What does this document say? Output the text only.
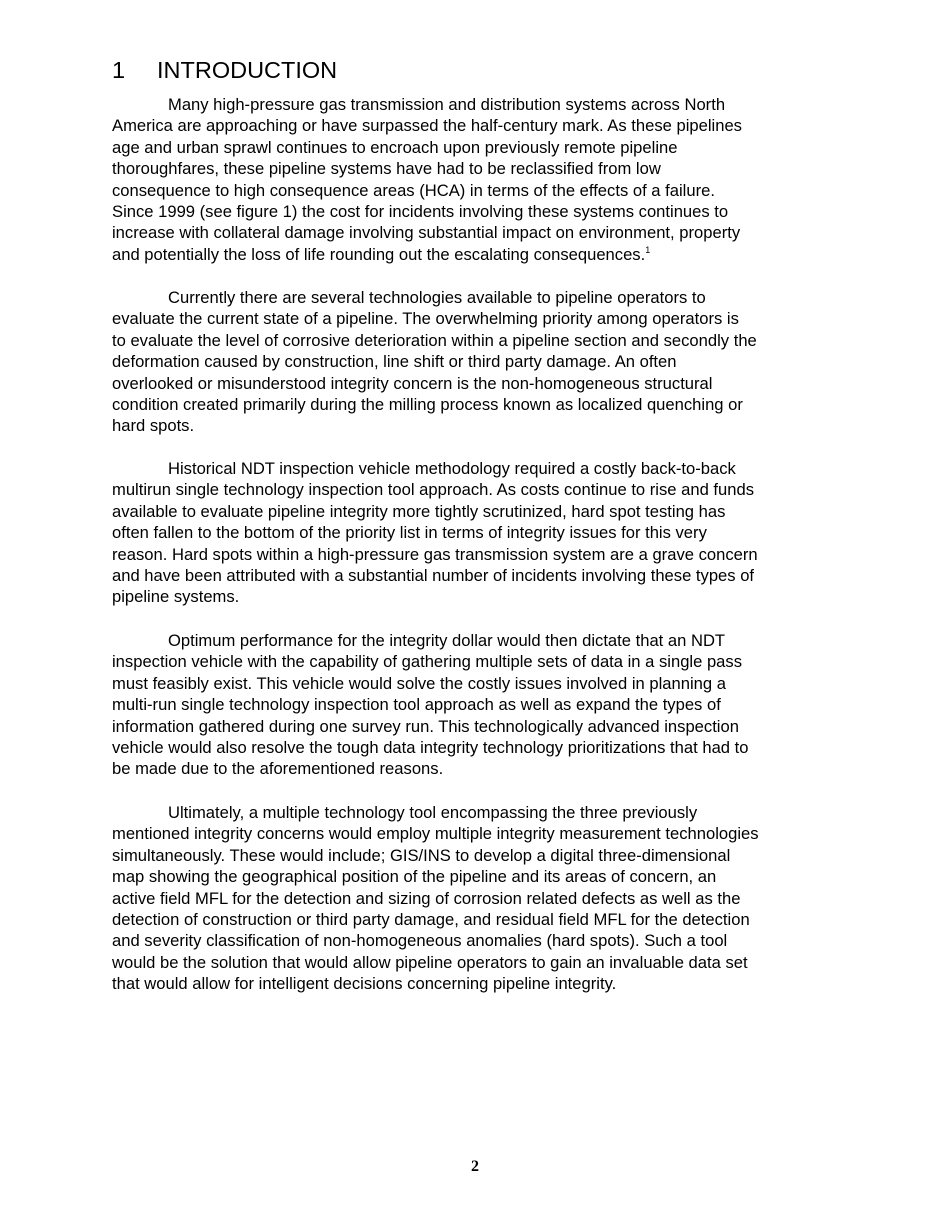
1 INTRODUCTION
Many high-pressure gas transmission and distribution systems across North
America are approaching or have surpassed the half-century mark. As these pipelines
age and urban sprawl continues to encroach upon previously remote pipeline
thoroughfares, these pipeline systems have had to be reclassified from low
consequence to high consequence areas (HCA) in terms of the effects of a failure.
Since 1999 (see figure 1) the cost for incidents involving these systems continues to
increase with collateral damage involving substantial impact on environment, property
and potentially the loss of life rounding out the escalating consequences.$^1$
Currently there are several technologies available to pipeline operators to
evaluate the current state of a pipeline. The overwhelming priority among operators is
to evaluate the level of corrosive deterioration within a pipeline section and secondly the
deformation caused by construction, line shift or third party damage. An often
overlooked or misunderstood integrity concern is the non-homogeneous structural
condition created primarily during the milling process known as localized quenching or
hard spots.
Historical NDT inspection vehicle methodology required a costly back-to-back
multirun single technology inspection tool approach. As costs continue to rise and funds
available to evaluate pipeline integrity more tightly scrutinized, hard spot testing has
often fallen to the bottom of the priority list in terms of integrity issues for this very
reason. Hard spots within a high-pressure gas transmission system are a grave concern
and have been attributed with a substantial number of incidents involving these types of
pipeline systems.
Optimum performance for the integrity dollar would then dictate that an NDT
inspection vehicle with the capability of gathering multiple sets of data in a single pass
must feasibly exist. This vehicle would solve the costly issues involved in planning a
multi-run single technology inspection tool approach as well as expand the types of
information gathered during one survey run. This technologically advanced inspection
vehicle would also resolve the tough data integrity technology prioritizations that had to
be made due to the aforementioned reasons.
Ultimately, a multiple technology tool encompassing the three previously
mentioned integrity concerns would employ multiple integrity measurement technologies
simultaneously. These would include; GIS/INS to develop a digital three-dimensional
map showing the geographical position of the pipeline and its areas of concern, an
active field MFL for the detection and sizing of corrosion related defects as well as the
detection of construction or third party damage, and residual field MFL for the detection
and severity classification of non-homogeneous anomalies (hard spots). Such a tool
would be the solution that would allow pipeline operators to gain an invaluable data set
that would allow for intelligent decisions concerning pipeline integrity.
2
